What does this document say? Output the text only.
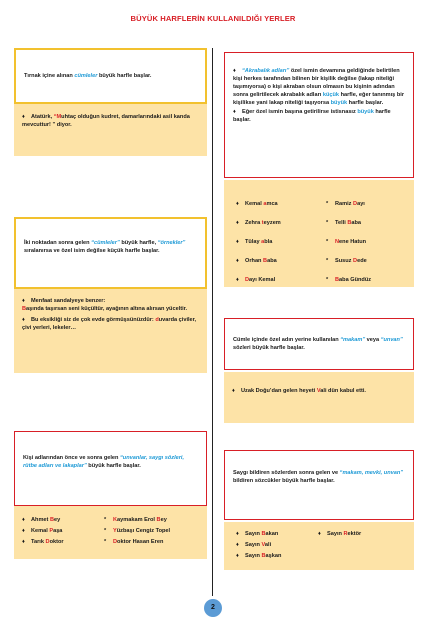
BÜYÜK HARFLERİN KULLANILDIĞI YERLER
Tırnak içine alınan cümleler büyük harfle başlar.
♦ Atatürk, “Muhtaç olduğun kudret, damarlarındaki asil kanda mevcuttur! ” diyor.
İki noktadan sonra gelen “cümleler” büyük harfle, “örnekler” sıralanırsa ve özel isim değilse küçük harfle başlar.
♦ Menfaat sandalyeye benzer:
Başında taşırsan seni küçültür, ayağının altına alırsan yüceltir.
♦ Bu eksikliği siz de çok evde görmüşsünüzdür: duvarda çiviler, çivi yerleri, lekeler…
Kişi adlarından önce ve sonra gelen “unvanlar, saygı sözleri, rütbe adları ve lakaplar” büyük harfle başlar.
♦ Ahmet Bey	* Kaymakam Erol Bey
♦ Kemal Paşa	* Yüzbaşı Cengiz Topel
♦ Tarık Doktor	* Doktor Hasan Eren
♦ “Akrabalık adları” özel ismin devamına geldiğinde belirtilen kişi herkes tarafından bilinen bir kişilik değilse (lakap niteliği taşımıyorsa) o kişi akraban olsun olmasın bu kişinin adından sonra gelirtilecek akrabalık adları küçük harfle, eğer tanınmış bir kişilikse yani lakap niteliği taşıyorsa büyük harfle başlar.
♦ Eğer özel ismin başına getirilirse istisnasız büyük harfle başlar.
♦ Kemal amca	* Ramiz Dayı
♦ Zehra teyzem	* Telli Baba
♦ Tülay abla	* Nene Hatun
♦ Orhan Baba	* Susuz Dede
♦ Dayı Kemal	* Baba Gündüz
Cümle içinde özel adın yerine kullanılan “makam” veya “unvan” sözleri büyük harfle başlar.
♦ Uzak Doğu’dan gelen heyeti Vali dün kabul etti.
Saygı bildiren sözlerden sonra gelen ve “makam, mevki, unvan” bildiren sözcükler büyük harfle başlar.
♦ Sayın Bakan	♦ Sayın Rektör
♦ Sayın Vali
♦ Sayın Başkan
2
